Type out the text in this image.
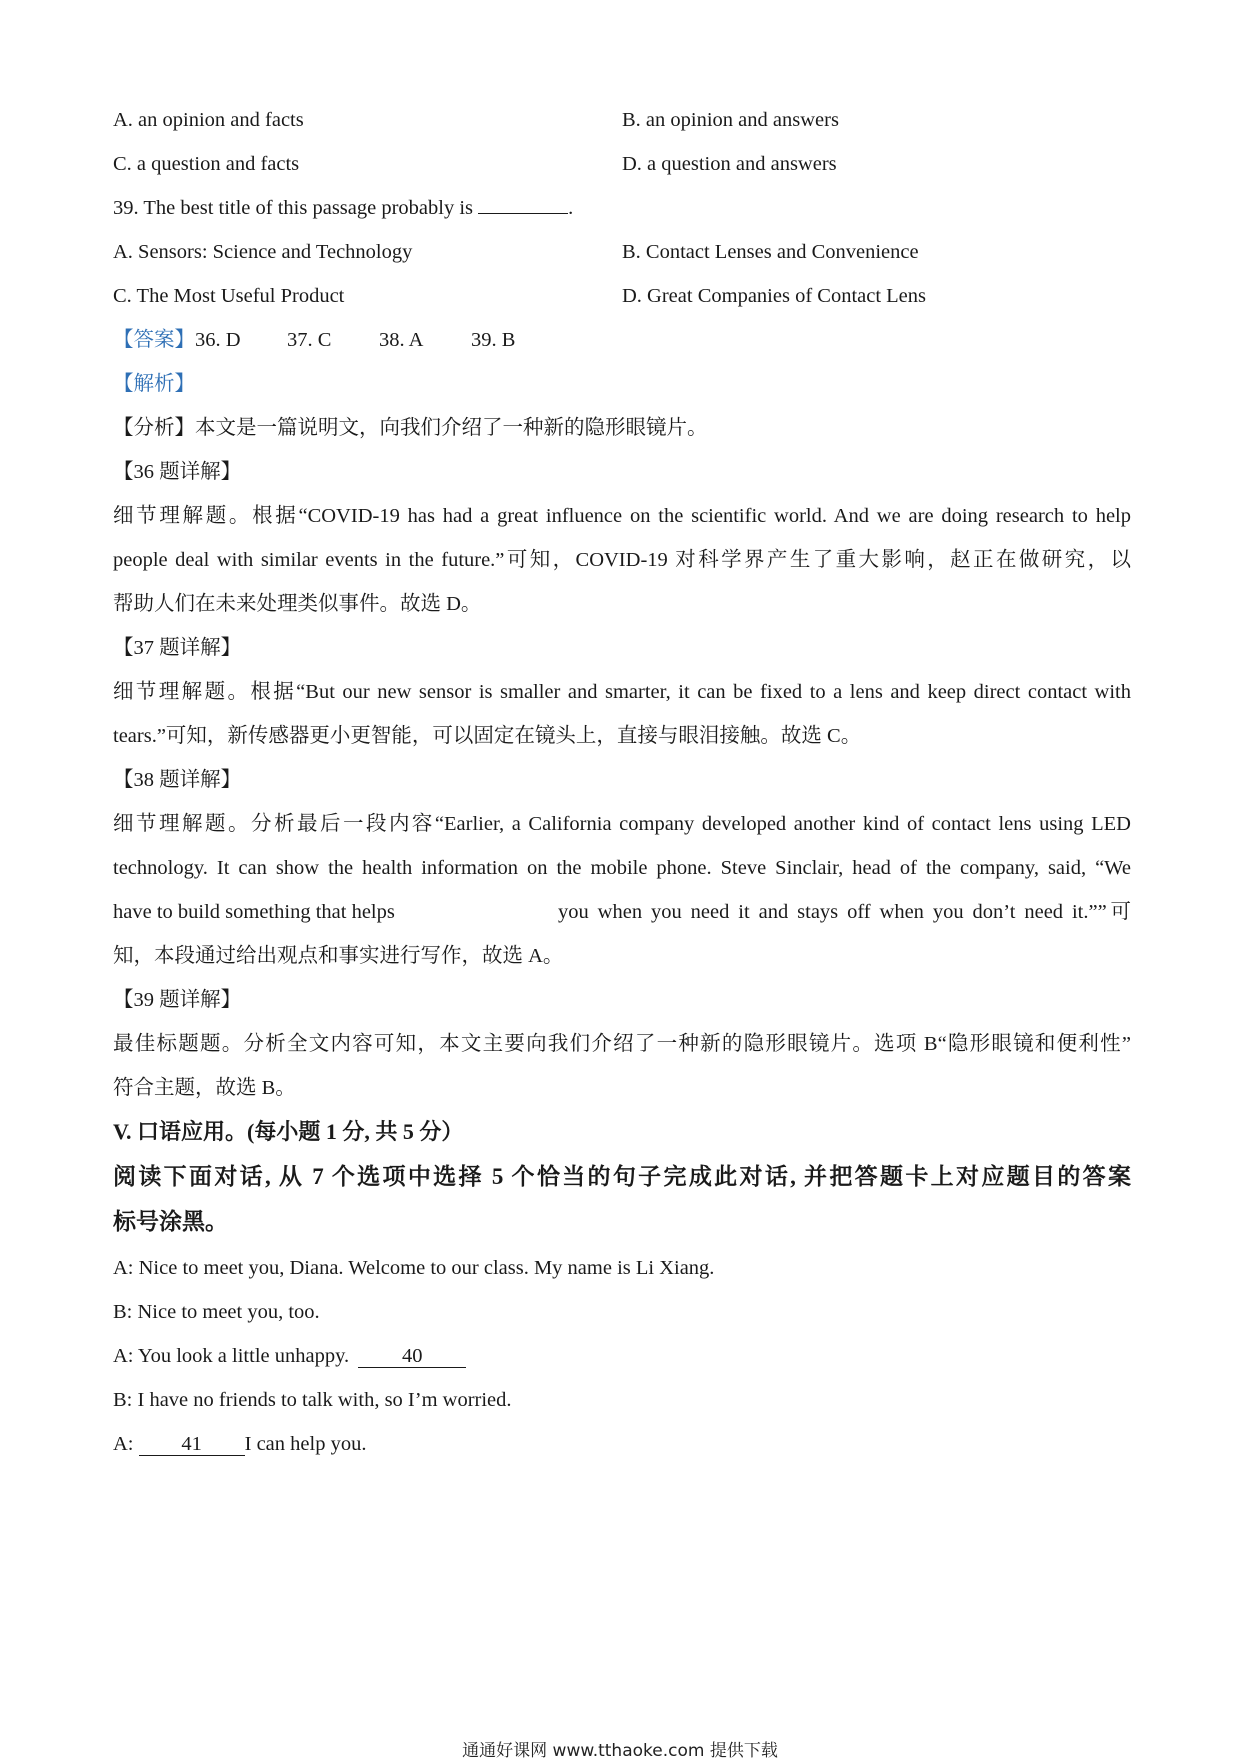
A. an opinion and facts	B. an opinion and answers
C. a question and facts	D. a question and answers
39. The best title of this passage probably is	.
A. Sensors: Science and Technology	B. Contact Lenses and Convenience
C. The Most Useful Product	D. Great Companies of Contact Lens
【答案】36. D 37. C 38. A 39. B
【解析】
【分析】本文是一篇说明文，向我们介绍了一种新的隐形眼镜片。
【36 题详解】
细节理解题。根据“COVID-19 has had a great influence on the scientific world. And we are doing research to help
people deal with similar events in the future.”可知，COVID-19 对科学界产生了重大影响，赵正在做研究，以
帮助人们在未来处理类似事件。故选 D。
【37 题详解】
细节理解题。根据“But our new sensor is smaller and smarter, it can be fixed to a lens and keep direct contact with
tears.”可知，新传感器更小更智能，可以固定在镜头上，直接与眼泪接触。故选 C。
【38 题详解】
细节理解题。分析最后一段内容“Earlier, a California company developed another kind of contact lens using LED
technology. It can show the health information on the mobile phone. Steve Sinclair, head of the company, said, “We
have to build something that helps	you when you need it and stays off when you don’t need it.””可
知，本段通过给出观点和事实进行写作，故选 A。
【39 题详解】
最佳标题题。分析全文内容可知，本文主要向我们介绍了一种新的隐形眼镜片。选项 B“隐形眼镜和便利性”
符合主题，故选 B。
V. 口语应用。(每小题 1 分, 共 5 分）
阅读下面对话, 从 7 个选项中选择 5 个恰当的句子完成此对话, 并把答题卡上对应题目的答案
标号涂黑。
A: Nice to meet you, Diana. Welcome to our class. My name is Li Xiang.
B: Nice to meet you, too.
A: You look a little unhappy.	40
B: I have no friends to talk with, so I’m worried.
A: 41 I can help you.
通通好课网 www.tthaoke.com 提供下载
